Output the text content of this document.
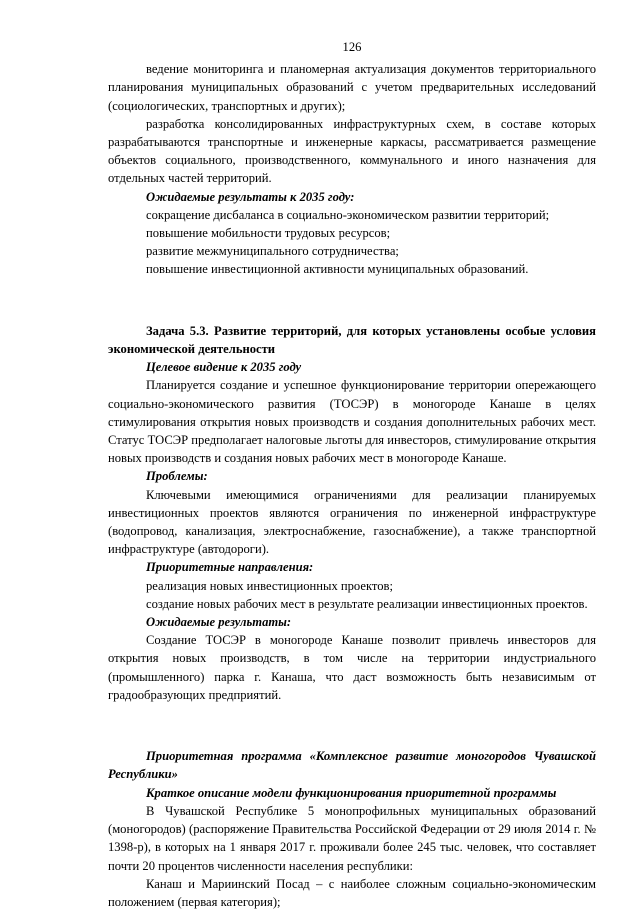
126

ведение мониторинга и планомерная актуализация документов территориального планирования муниципальных образований с учетом предварительных исследований (социологических, транспортных и других);

разработка консолидированных инфраструктурных схем, в составе которых разрабатываются транспортные и инженерные каркасы, рассматривается размещение объектов социального, производственного, коммунального и иного назначения для отдельных частей территорий.

Ожидаемые результаты к 2035 году:

сокращение дисбаланса в социально-экономическом развитии территорий;

повышение мобильности трудовых ресурсов;

развитие межмуниципального сотрудничества;

повышение инвестиционной активности муниципальных образований.

Задача 5.3. Развитие территорий, для которых установлены особые условия экономической деятельности

Целевое видение к 2035 году

Планируется создание и успешное функционирование территории опережающего социально-экономического развития (ТОСЭР) в моногороде Канаше в целях стимулирования открытия новых производств и создания дополнительных рабочих мест. Статус ТОСЭР предполагает налоговые льготы для инвесторов, стимулирование открытия новых производств и создания новых рабочих мест в моногороде Канаше.

Проблемы:

Ключевыми имеющимися ограничениями для реализации планируемых инвестиционных проектов являются ограничения по инженерной инфраструктуре (водопровод, канализация, электроснабжение, газоснабжение), а также транспортной инфраструктуре (автодороги).

Приоритетные направления:

реализация новых инвестиционных проектов;

создание новых рабочих мест в результате реализации инвестиционных проектов.

Ожидаемые результаты:

Создание ТОСЭР в моногороде Канаше позволит привлечь инвесторов для открытия новых производств, в том числе на территории индустриального (промышленного) парка г. Канаша, что даст возможность быть независимым от градообразующих предприятий.

Приоритетная программа «Комплексное развитие моногородов Чувашской Республики»

Краткое описание модели функционирования приоритетной программы

В Чувашской Республике 5 монопрофильных муниципальных образований (моногородов) (распоряжение Правительства Российской Федерации от 29 июля 2014 г. № 1398-р), в которых на 1 января 2017 г. проживали более 245 тыс. человек, что составляет почти 20 процентов численности населения республики:

Канаш и Мариинский Посад – с наиболее сложным социально-экономическим положением (первая категория);
